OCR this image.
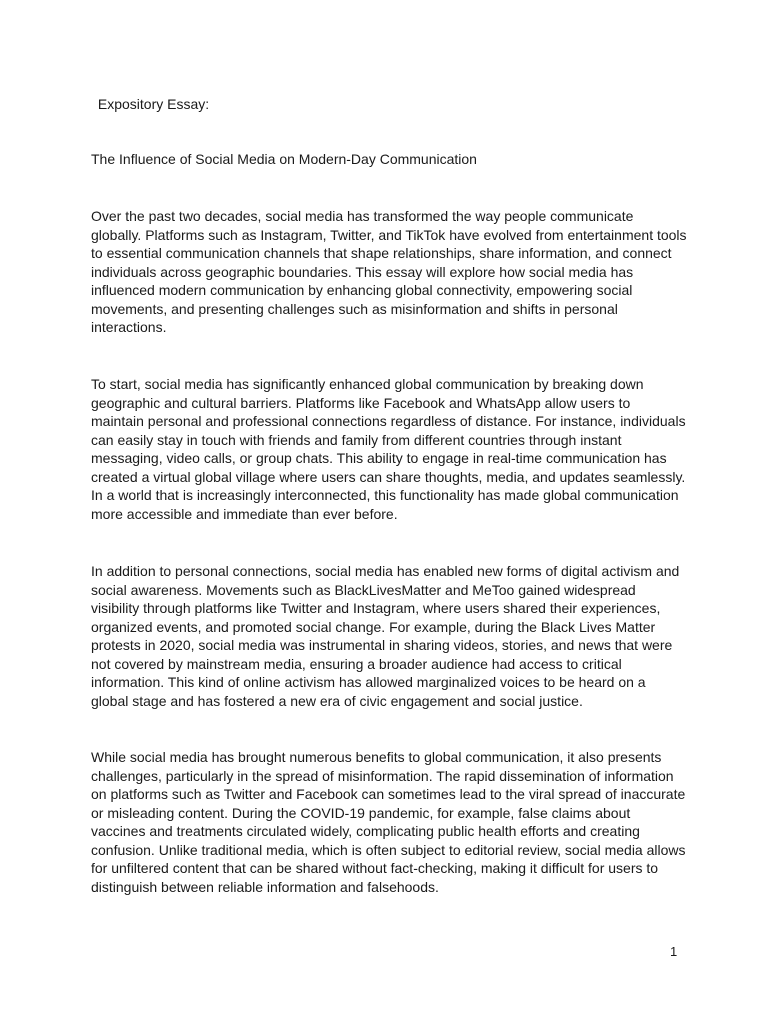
Expository Essay:
The Influence of Social Media on Modern-Day Communication

Over the past two decades, social media has transformed the way people communicate
globally. Platforms such as Instagram, Twitter, and TikTok have evolved from entertainment tools
to essential communication channels that shape relationships, share information, and connect
individuals across geographic boundaries. This essay will explore how social media has
influenced modern communication by enhancing global connectivity, empowering social
movements, and presenting challenges such as misinformation and shifts in personal
interactions.

To start, social media has significantly enhanced global communication by breaking down
geographic and cultural barriers. Platforms like Facebook and WhatsApp allow users to
maintain personal and professional connections regardless of distance. For instance, individuals
can easily stay in touch with friends and family from different countries through instant
messaging, video calls, or group chats. This ability to engage in real-time communication has
created a virtual global village where users can share thoughts, media, and updates seamlessly.
In a world that is increasingly interconnected, this functionality has made global communication
more accessible and immediate than ever before.

In addition to personal connections, social media has enabled new forms of digital activism and
social awareness. Movements such as BlackLivesMatter and MeToo gained widespread
visibility through platforms like Twitter and Instagram, where users shared their experiences,
organized events, and promoted social change. For example, during the Black Lives Matter
protests in 2020, social media was instrumental in sharing videos, stories, and news that were
not covered by mainstream media, ensuring a broader audience had access to critical
information. This kind of online activism has allowed marginalized voices to be heard on a
global stage and has fostered a new era of civic engagement and social justice.

While social media has brought numerous benefits to global communication, it also presents
challenges, particularly in the spread of misinformation. The rapid dissemination of information
on platforms such as Twitter and Facebook can sometimes lead to the viral spread of inaccurate
or misleading content. During the COVID-19 pandemic, for example, false claims about
vaccines and treatments circulated widely, complicating public health efforts and creating
confusion. Unlike traditional media, which is often subject to editorial review, social media allows
for unfiltered content that can be shared without fact-checking, making it difficult for users to
distinguish between reliable information and falsehoods.

1
